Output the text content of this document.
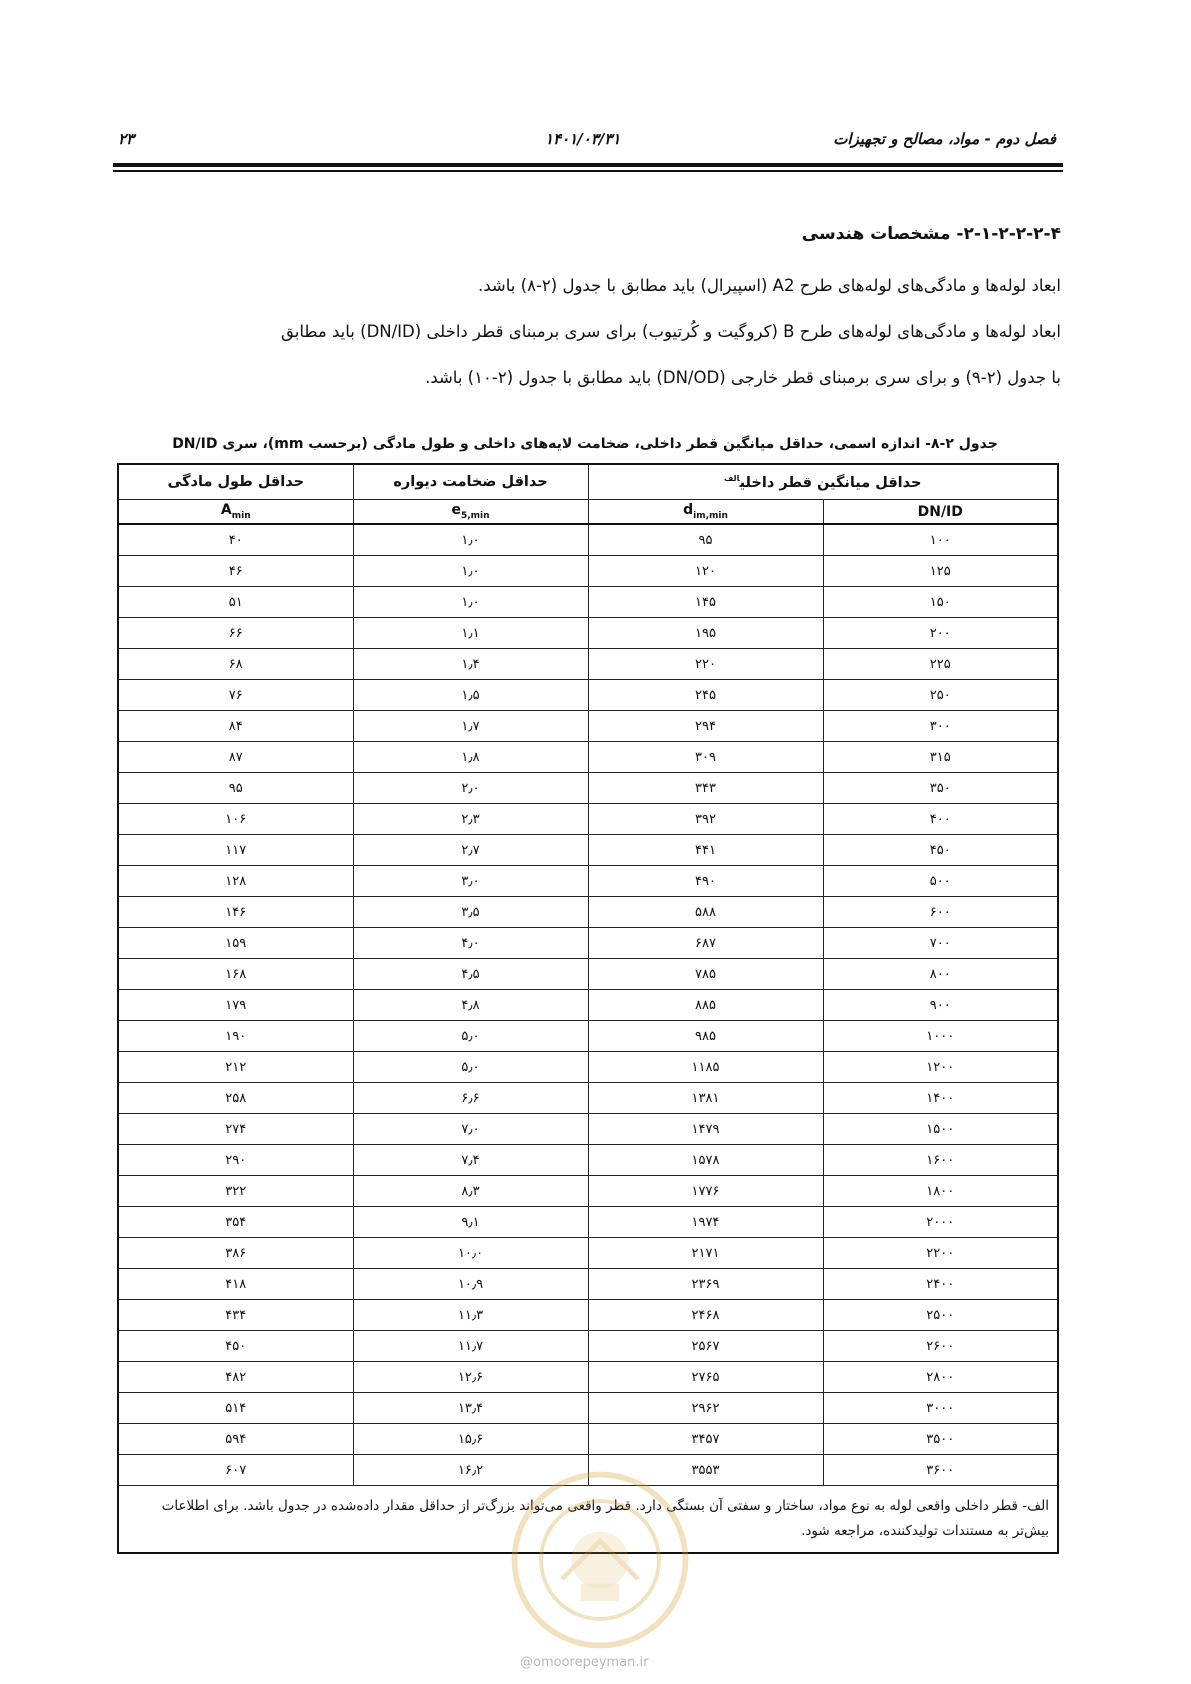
فصل دوم - مواد، مصالح و تجهیزات
۱۴۰۱/۰۳/۳۱
۲۳
۲-۱-۲-۲-۲-۴- مشخصات هندسی
ابعاد لوله‌ها و مادگی‌های لوله‌های طرح A2 (اسپیرال) باید مطابق با جدول (۲-۸) باشد.
ابعاد لوله‌ها و مادگی‌های لوله‌های طرح B (کروگیت و کُرتیوب) برای سری برمبنای قطر داخلی (DN/ID) باید مطابق
با جدول (۲-۹) و برای سری برمبنای قطر خارجی (DN/OD) باید مطابق با جدول (۲-۱۰) باشد.
جدول ۲-۸- اندازه اسمی، حداقل میانگین قطر داخلی، ضخامت لایه‌های داخلی و طول مادگی (برحسب mm)، سری DN/ID
حداقل میانگین قطر داخلی$^{الف}$		حداقل ضخامت دیواره	حداقل طول مادگی
DN/ID	$d_{im,min}$	$e_{5,min}$	$A_{min}$
۱۰۰	۹۵	۱٫۰	۴۰
۱۲۵	۱۲۰	۱٫۰	۴۶
۱۵۰	۱۴۵	۱٫۰	۵۱
۲۰۰	۱۹۵	۱٫۱	۶۶
۲۲۵	۲۲۰	۱٫۴	۶۸
۲۵۰	۲۴۵	۱٫۵	۷۶
۳۰۰	۲۹۴	۱٫۷	۸۴
۳۱۵	۳۰۹	۱٫۸	۸۷
۳۵۰	۳۴۳	۲٫۰	۹۵
۴۰۰	۳۹۲	۲٫۳	۱۰۶
۴۵۰	۴۴۱	۲٫۷	۱۱۷
۵۰۰	۴۹۰	۳٫۰	۱۲۸
۶۰۰	۵۸۸	۳٫۵	۱۴۶
۷۰۰	۶۸۷	۴٫۰	۱۵۹
۸۰۰	۷۸۵	۴٫۵	۱۶۸
۹۰۰	۸۸۵	۴٫۸	۱۷۹
۱۰۰۰	۹۸۵	۵٫۰	۱۹۰
۱۲۰۰	۱۱۸۵	۵٫۰	۲۱۲
۱۴۰۰	۱۳۸۱	۶٫۶	۲۵۸
۱۵۰۰	۱۴۷۹	۷٫۰	۲۷۴
۱۶۰۰	۱۵۷۸	۷٫۴	۲۹۰
۱۸۰۰	۱۷۷۶	۸٫۳	۳۲۲
۲۰۰۰	۱۹۷۴	۹٫۱	۳۵۴
۲۲۰۰	۲۱۷۱	۱۰٫۰	۳۸۶
۲۴۰۰	۲۳۶۹	۱۰٫۹	۴۱۸
۲۵۰۰	۲۴۶۸	۱۱٫۳	۴۳۴
۲۶۰۰	۲۵۶۷	۱۱٫۷	۴۵۰
۲۸۰۰	۲۷۶۵	۱۲٫۶	۴۸۲
۳۰۰۰	۲۹۶۲	۱۳٫۴	۵۱۴
۳۵۰۰	۳۴۵۷	۱۵٫۶	۵۹۴
۳۶۰۰	۳۵۵۳	۱۶٫۲	۶۰۷
الف- قطر داخلی واقعی لوله به نوع مواد، ساختار و سفتی آن بستگی دارد. قطر واقعی می‌تواند بزرگ‌تر از حداقل مقدار داده‌شده در جدول باشد. برای اطلاعات بیش‌تر به مستندات تولیدکننده، مراجعه شود.			
@omoorepeyman.ir
